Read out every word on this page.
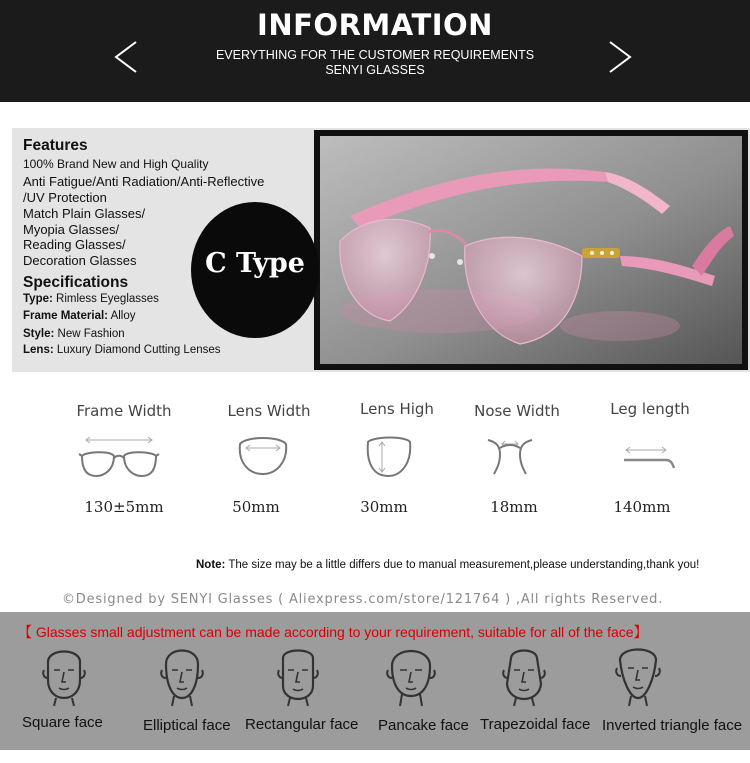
INFORMATION
EVERYTHING FOR THE CUSTOMER REQUIREMENTS
SENYI GLASSES
Features
100% Brand New and High Quality
Anti Fatigue/Anti Radiation/Anti-Reflective
/UV Protection
Match Plain Glasses/
Myopia Glasses/
Reading Glasses/
Decoration Glasses
Specifications
Type: Rimless Eyeglasses
Frame Material: Alloy
Style: New Fashion
Lens: Luxury Diamond Cutting Lenses
C Type
Frame Width	Lens Width	Lens High	Nose Width	Leg length
130±5mm	50mm	30mm	18mm	140mm
Note: The size may be a little differs due to manual measurement,please understanding,thank you!
©Designed by SENYI Glasses ( Aliexpress.com/store/121764 ) ,All rights Reserved.
【 Glasses small adjustment can be made according to your requirement, suitable for all of the face】
Square face	Elliptical face Rectangular face Pancake face Trapezoidal face Inverted triangle face
